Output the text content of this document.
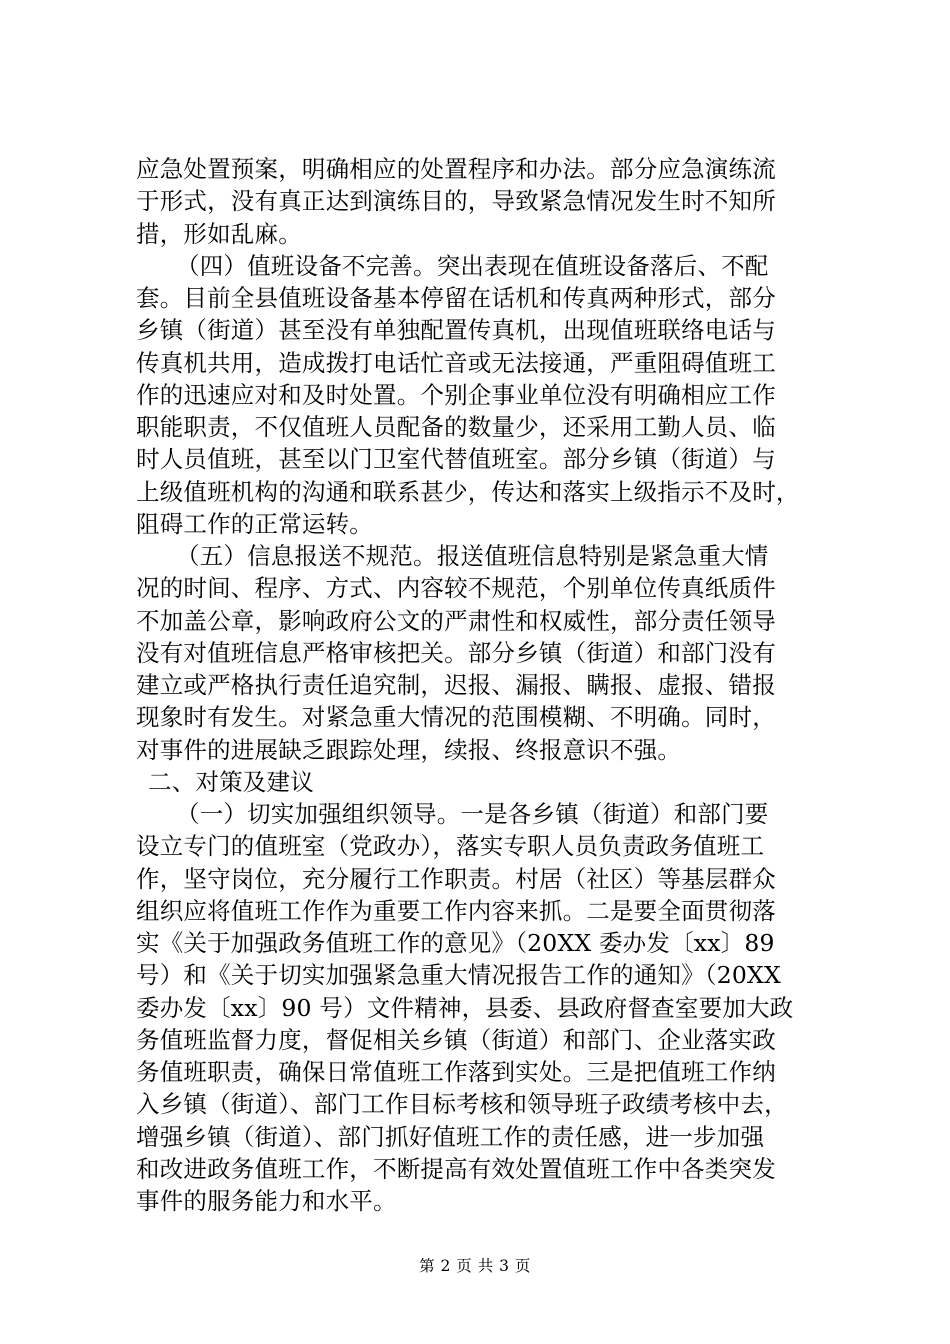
应急处置预案，明确相应的处置程序和办法。部分应急演练流
于形式，没有真正达到演练目的，导致紧急情况发生时不知所
措，形如乱麻。
（四）值班设备不完善。突出表现在值班设备落后、不配
套。目前全县值班设备基本停留在话机和传真两种形式，部分
乡镇（街道）甚至没有单独配置传真机，出现值班联络电话与
传真机共用，造成拨打电话忙音或无法接通，严重阻碍值班工
作的迅速应对和及时处置。个别企事业单位没有明确相应工作
职能职责，不仅值班人员配备的数量少，还采用工勤人员、临
时人员值班，甚至以门卫室代替值班室。部分乡镇（街道）与
上级值班机构的沟通和联系甚少，传达和落实上级指示不及时，
阻碍工作的正常运转。
（五）信息报送不规范。报送值班信息特别是紧急重大情
况的时间、程序、方式、内容较不规范，个别单位传真纸质件
不加盖公章，影响政府公文的严肃性和权威性，部分责任领导
没有对值班信息严格审核把关。部分乡镇（街道）和部门没有
建立或严格执行责任追究制，迟报、漏报、瞒报、虚报、错报
现象时有发生。对紧急重大情况的范围模糊、不明确。同时，
对事件的进展缺乏跟踪处理，续报、终报意识不强。
二、对策及建议
（一）切实加强组织领导。一是各乡镇（街道）和部门要
设立专门的值班室（党政办），落实专职人员负责政务值班工
作，坚守岗位，充分履行工作职责。村居（社区）等基层群众
组织应将值班工作作为重要工作内容来抓。二是要全面贯彻落
实《关于加强政务值班工作的意见》（20XX 委办发〔xx〕89
号）和《关于切实加强紧急重大情况报告工作的通知》（20XX
委办发〔xx〕90 号）文件精神，县委、县政府督查室要加大政
务值班监督力度，督促相关乡镇（街道）和部门、企业落实政
务值班职责，确保日常值班工作落到实处。三是把值班工作纳
入乡镇（街道）、部门工作目标考核和领导班子政绩考核中去，
增强乡镇（街道）、部门抓好值班工作的责任感，进一步加强
和改进政务值班工作，不断提高有效处置值班工作中各类突发
事件的服务能力和水平。
第 2 页 共 3 页
